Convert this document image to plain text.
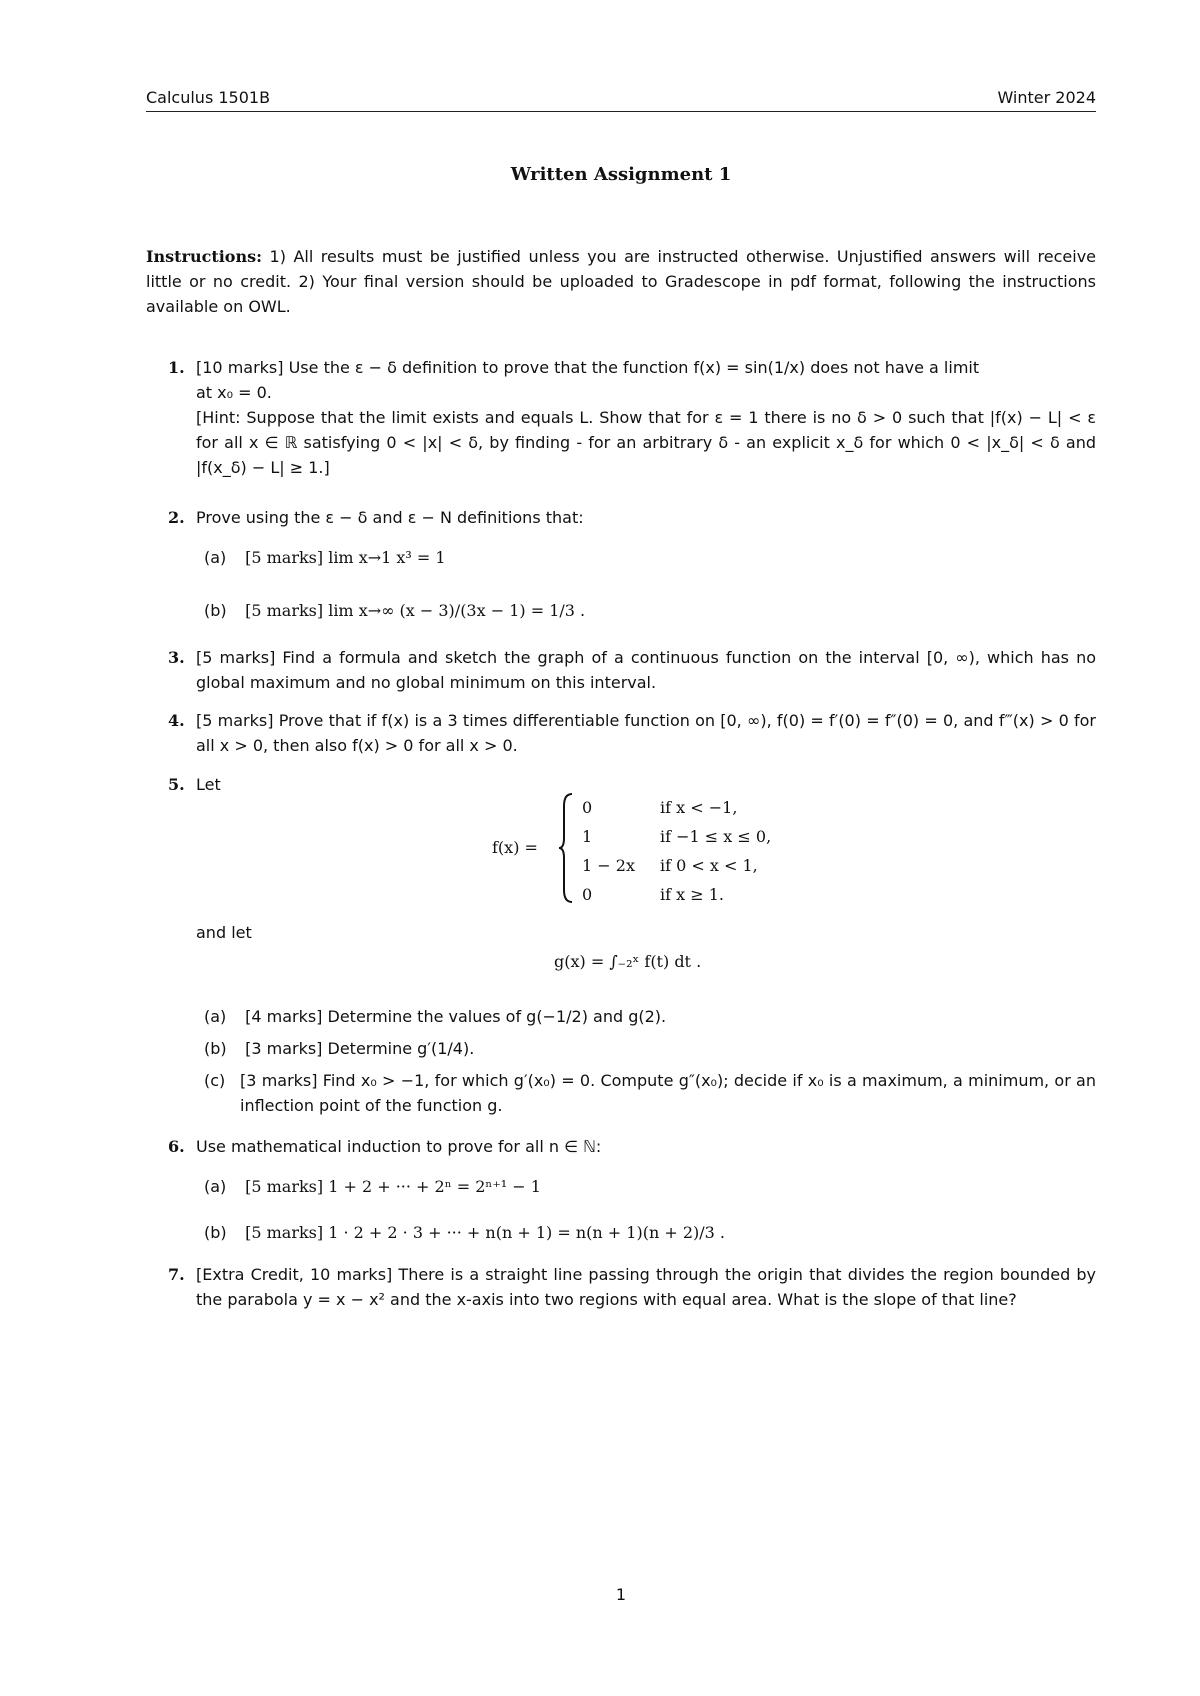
Calculus 1501B	Winter 2024
Written Assignment 1
Instructions: 1) All results must be justified unless you are instructed otherwise. Unjustified answers will receive little or no credit. 2) Your final version should be uploaded to Gradescope in pdf format, following the instructions available on OWL.
1. [10 marks] Use the ε − δ definition to prove that the function f(x) = sin(1/x) does not have a limit
at x₀ = 0.
[Hint: Suppose that the limit exists and equals L. Show that for ε = 1 there is no δ > 0 such that |f(x) − L| < ε for all x ∈ ℝ satisfying 0 < |x| < δ, by finding - for an arbitrary δ - an explicit x_δ for which 0 < |x_δ| < δ and |f(x_δ) − L| ≥ 1.]
2. Prove using the ε − δ and ε − N definitions that:
(a) [5 marks] lim x→1 x³ = 1
(b) [5 marks] lim x→∞ (x − 3)/(3x − 1) = 1/3 .
3. [5 marks] Find a formula and sketch the graph of a continuous function on the interval [0, ∞), which has no global maximum and no global minimum on this interval.
4. [5 marks] Prove that if f(x) is a 3 times differentiable function on [0, ∞), f(0) = f′(0) = f″(0) = 0, and f‴(x) > 0 for all x > 0, then also f(x) > 0 for all x > 0.
5. Let
f(x) =
0	if x < −1,
1	if −1 ≤ x ≤ 0,
1 − 2x if 0 < x < 1,
0	if x ≥ 1.
and let
g(x) = ∫₋₂ˣ f(t) dt .
(a) [4 marks] Determine the values of g(−1/2) and g(2).
(b) [3 marks] Determine g′(1/4).
(c) [3 marks] Find x₀ > −1, for which g′(x₀) = 0. Compute g″(x₀); decide if x₀ is a maximum, a minimum, or an inflection point of the function g.
6. Use mathematical induction to prove for all n ∈ ℕ:
(a) [5 marks] 1 + 2 + ··· + 2ⁿ = 2ⁿ⁺¹ − 1
(b) [5 marks] 1 · 2 + 2 · 3 + ··· + n(n + 1) = n(n + 1)(n + 2)/3 .
7. [Extra Credit, 10 marks] There is a straight line passing through the origin that divides the region bounded by the parabola y = x − x² and the x-axis into two regions with equal area. What is the slope of that line?
1
